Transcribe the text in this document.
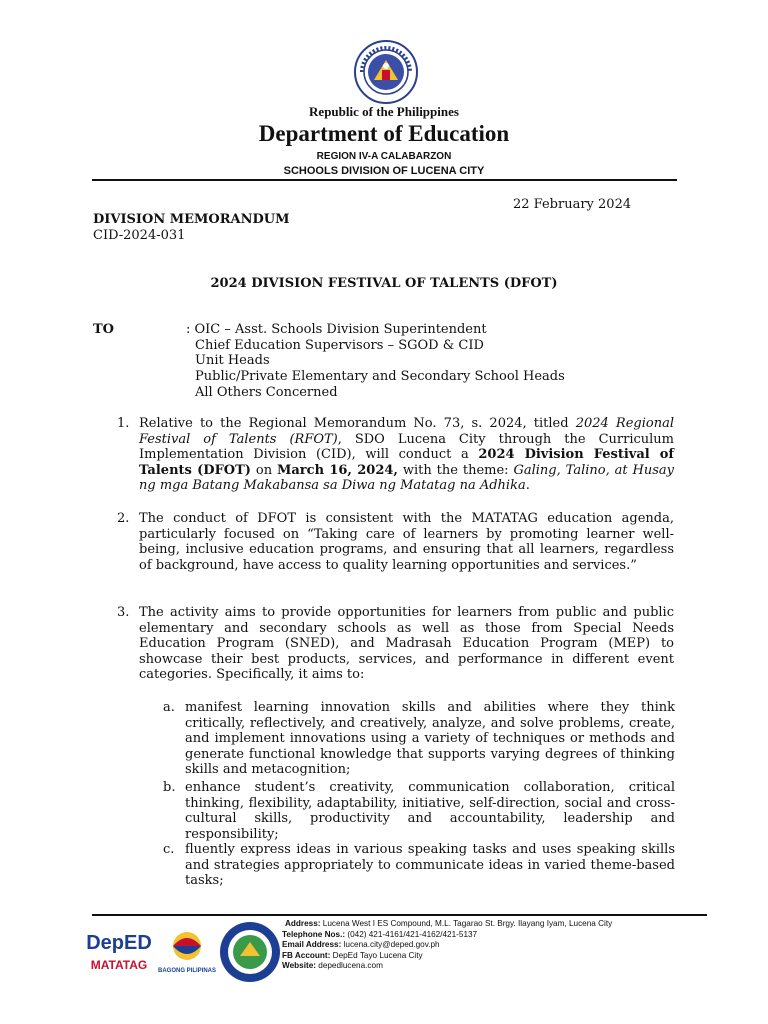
Republic of the Philippines
Department of Education
REGION IV-A CALABARZON
SCHOOLS DIVISION OF LUCENA CITY
22 February 2024
DIVISION MEMORANDUM
CID-2024-031
2024 DIVISION FESTIVAL OF TALENTS (DFOT)
TO	: OIC – Asst. Schools Division Superintendent
Chief Education Supervisors – SGOD & CID
Unit Heads
Public/Private Elementary and Secondary School Heads
All Others Concerned
1. Relative to the Regional Memorandum No. 73, s. 2024, titled 2024 Regional Festival of Talents (RFOT), SDO Lucena City through the Curriculum Implementation Division (CID), will conduct a 2024 Division Festival of Talents (DFOT) on March 16, 2024, with the theme: Galing, Talino, at Husay ng mga Batang Makabansa sa Diwa ng Matatag na Adhika.
2. The conduct of DFOT is consistent with the MATATAG education agenda, particularly focused on “Taking care of learners by promoting learner well-being, inclusive education programs, and ensuring that all learners, regardless of background, have access to quality learning opportunities and services.”
3. The activity aims to provide opportunities for learners from public and public elementary and secondary schools as well as those from Special Needs Education Program (SNED), and Madrasah Education Program (MEP) to showcase their best products, services, and performance in different event categories. Specifically, it aims to:
a. manifest learning innovation skills and abilities where they think critically, reflectively, and creatively, analyze, and solve problems, create, and implement innovations using a variety of techniques or methods and generate functional knowledge that supports varying degrees of thinking skills and metacognition;
b. enhance student’s creativity, communication collaboration, critical thinking, flexibility, adaptability, initiative, self-direction, social and cross-cultural skills, productivity and accountability, leadership and responsibility;
c. fluently express ideas in various speaking tasks and uses speaking skills and strategies appropriately to communicate ideas in varied theme-based tasks;
DepED
MATATAG	BAGONG PILIPINAS
Address: Lucena West I ES Compound, M.L. Tagarao St. Brgy. Ilayang Iyam, Lucena City
Telephone Nos.: (042) 421-4161/421-4162/421-5137
Email Address: lucena.city@deped.gov.ph
FB Account: DepEd Tayo Lucena City
Website: depedlucena.com
